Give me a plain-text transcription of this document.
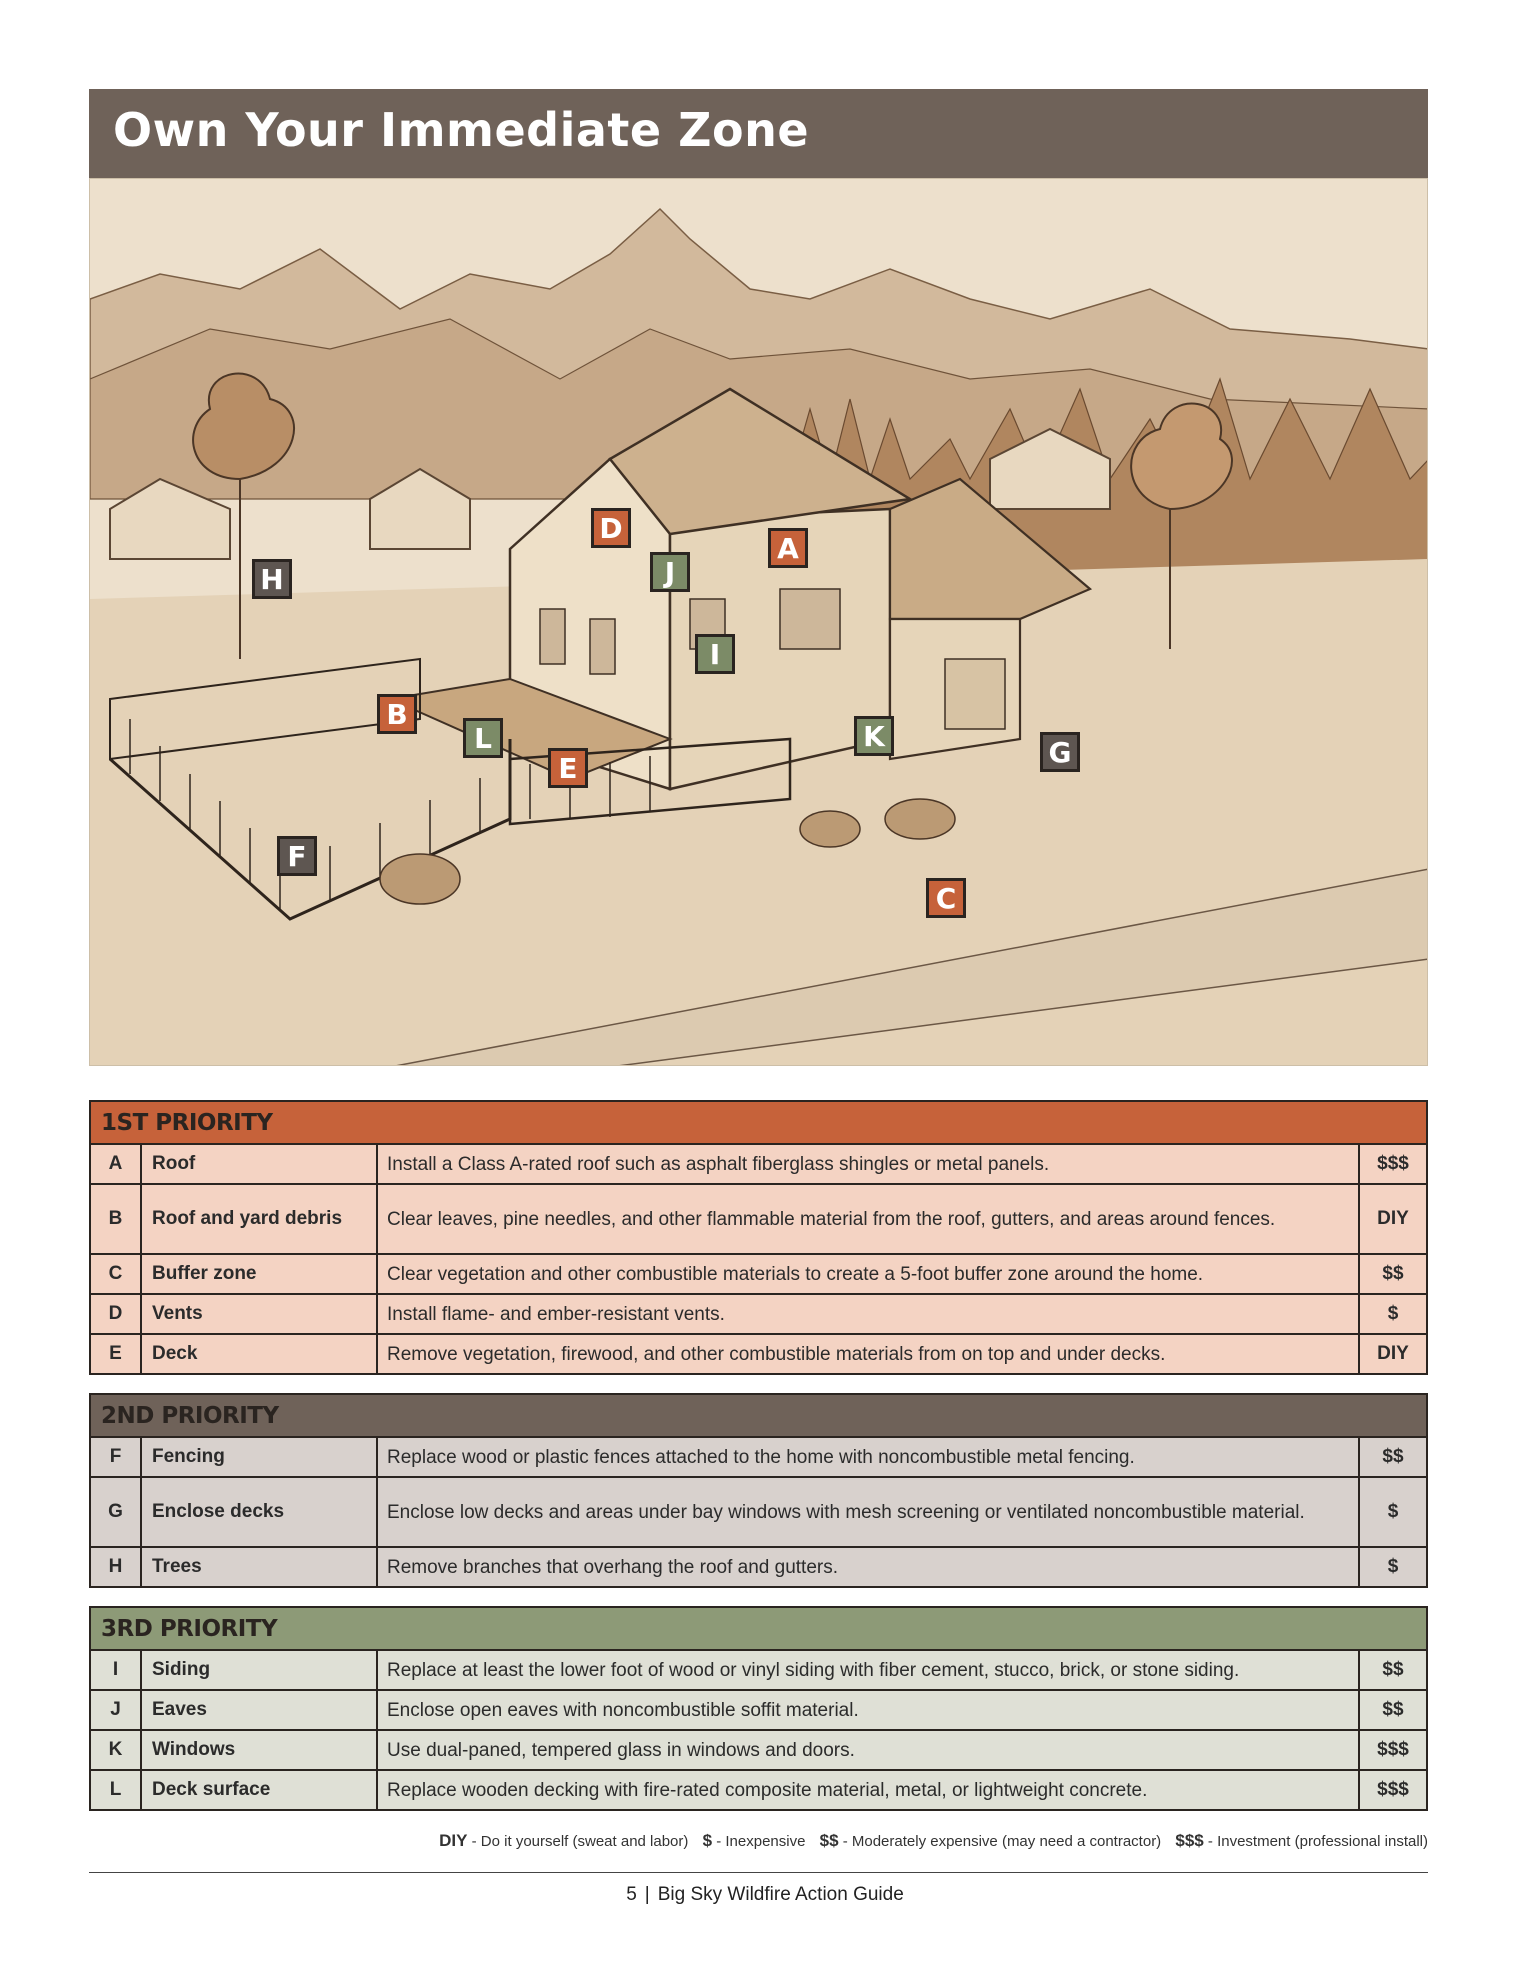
Own Your Immediate Zone
A
B
C
D
E
F
G
H
I
J
K
L
1ST PRIORITY			
A	Roof	Install a Class A-rated roof such as asphalt fiberglass shingles or metal panels.	$$$
B	Roof and yard debris	Clear leaves, pine needles, and other flammable material from the roof, gutters, and areas around fences.	DIY
C	Buffer zone	Clear vegetation and other combustible materials to create a 5-foot buffer zone around the home.	$$
D	Vents	Install flame- and ember-resistant vents.	$
E	Deck	Remove vegetation, firewood, and other combustible materials from on top and under decks.	DIY
2ND PRIORITY			
F	Fencing	Replace wood or plastic fences attached to the home with noncombustible metal fencing.	$$
G	Enclose decks	Enclose low decks and areas under bay windows with mesh screening or ventilated noncombustible material.	$
H	Trees	Remove branches that overhang the roof and gutters.	$
3RD PRIORITY			
I	Siding	Replace at least the lower foot of wood or vinyl siding with fiber cement, stucco, brick, or stone siding.	$$
J	Eaves	Enclose open eaves with noncombustible soffit material.	$$
K	Windows	Use dual-paned, tempered glass in windows and doors.	$$$
L	Deck surface	Replace wooden decking with fire-rated composite material, metal, or lightweight concrete.	$$$
DIY - Do it yourself (sweat and labor) $ - Inexpensive $$ - Moderately expensive (may need a contractor) $$$ - Investment (professional install)
5 | Big Sky Wildfire Action Guide
